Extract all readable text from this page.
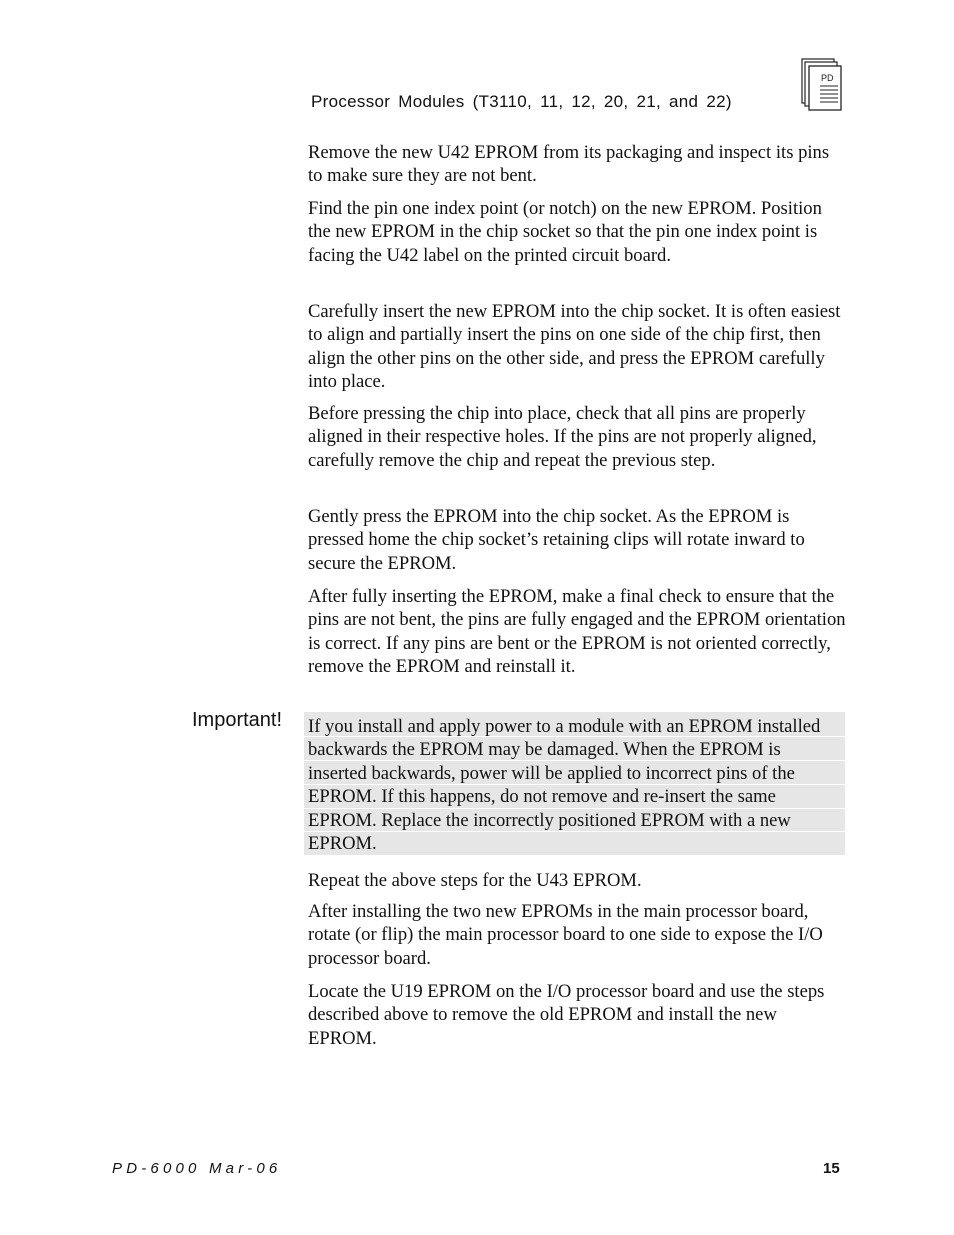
Processor Modules (T3110, 11, 12, 20, 21, and 22)
PD
Remove the new U42 EPROM from its packaging and inspect its pins to make sure they are not bent.
Find the pin one index point (or notch) on the new EPROM. Position the new EPROM in the chip socket so that the pin one index point is facing the U42 label on the printed circuit board.
Carefully insert the new EPROM into the chip socket. It is often easiest to align and partially insert the pins on one side of the chip first, then align the other pins on the other side, and press the EPROM carefully into place.
Before pressing the chip into place, check that all pins are properly aligned in their respective holes. If the pins are not properly aligned, carefully remove the chip and repeat the previous step.
Gently press the EPROM into the chip socket. As the EPROM is pressed home the chip socket’s retaining clips will rotate inward to secure the EPROM.
After fully inserting the EPROM, make a final check to ensure that the pins are not bent, the pins are fully engaged and the EPROM orientation is correct. If any pins are bent or the EPROM is not oriented correctly, remove the EPROM and reinstall it.
Important! If you install and apply power to a module with an EPROM installed backwards the EPROM may be damaged. When the EPROM is inserted backwards, power will be applied to incorrect pins of the EPROM. If this happens, do not remove and re-insert the same EPROM. Replace the incorrectly positioned EPROM with a new EPROM.
Repeat the above steps for the U43 EPROM.
After installing the two new EPROMs in the main processor board, rotate (or flip) the main processor board to one side to expose the I/O processor board.
Locate the U19 EPROM on the I/O processor board and use the steps described above to remove the old EPROM and install the new EPROM.
PD-6000 Mar-06	15
